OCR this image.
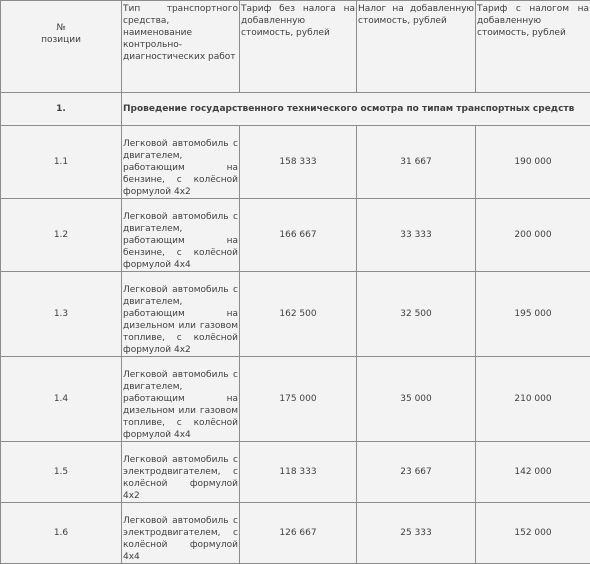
№
позиции	Тип транспортного средства, наименование контрольно-диагностических работ	Тариф без налога на добавленную стоимость, рублей	Налог на добавленную стоимость, рублей	Тариф с налогом на добавленную стоимость, рублей
1.	Проведение государственного технического осмотра по типам транспортных средств			
1.1	Легковой автомобиль с двигателем, работающим на бензине, с колёсной формулой 4х2	158 333	31 667	190 000
1.2	Легковой автомобиль с двигателем, работающим на бензине, с колёсной формулой 4х4	166 667	33 333	200 000
1.3	Легковой автомобиль с двигателем, работающим на дизельном или газовом топливе, с колёсной формулой 4х2	162 500	32 500	195 000
1.4	Легковой автомобиль с двигателем, работающим на дизельном или газовом топливе, с колёсной формулой 4х4	175 000	35 000	210 000
1.5	Легковой автомобиль с электродвигателем, с колёсной формулой 4х2	118 333	23 667	142 000
1.6	Легковой автомобиль с электродвигателем, с колёсной формулой 4х4	126 667	25 333	152 000
